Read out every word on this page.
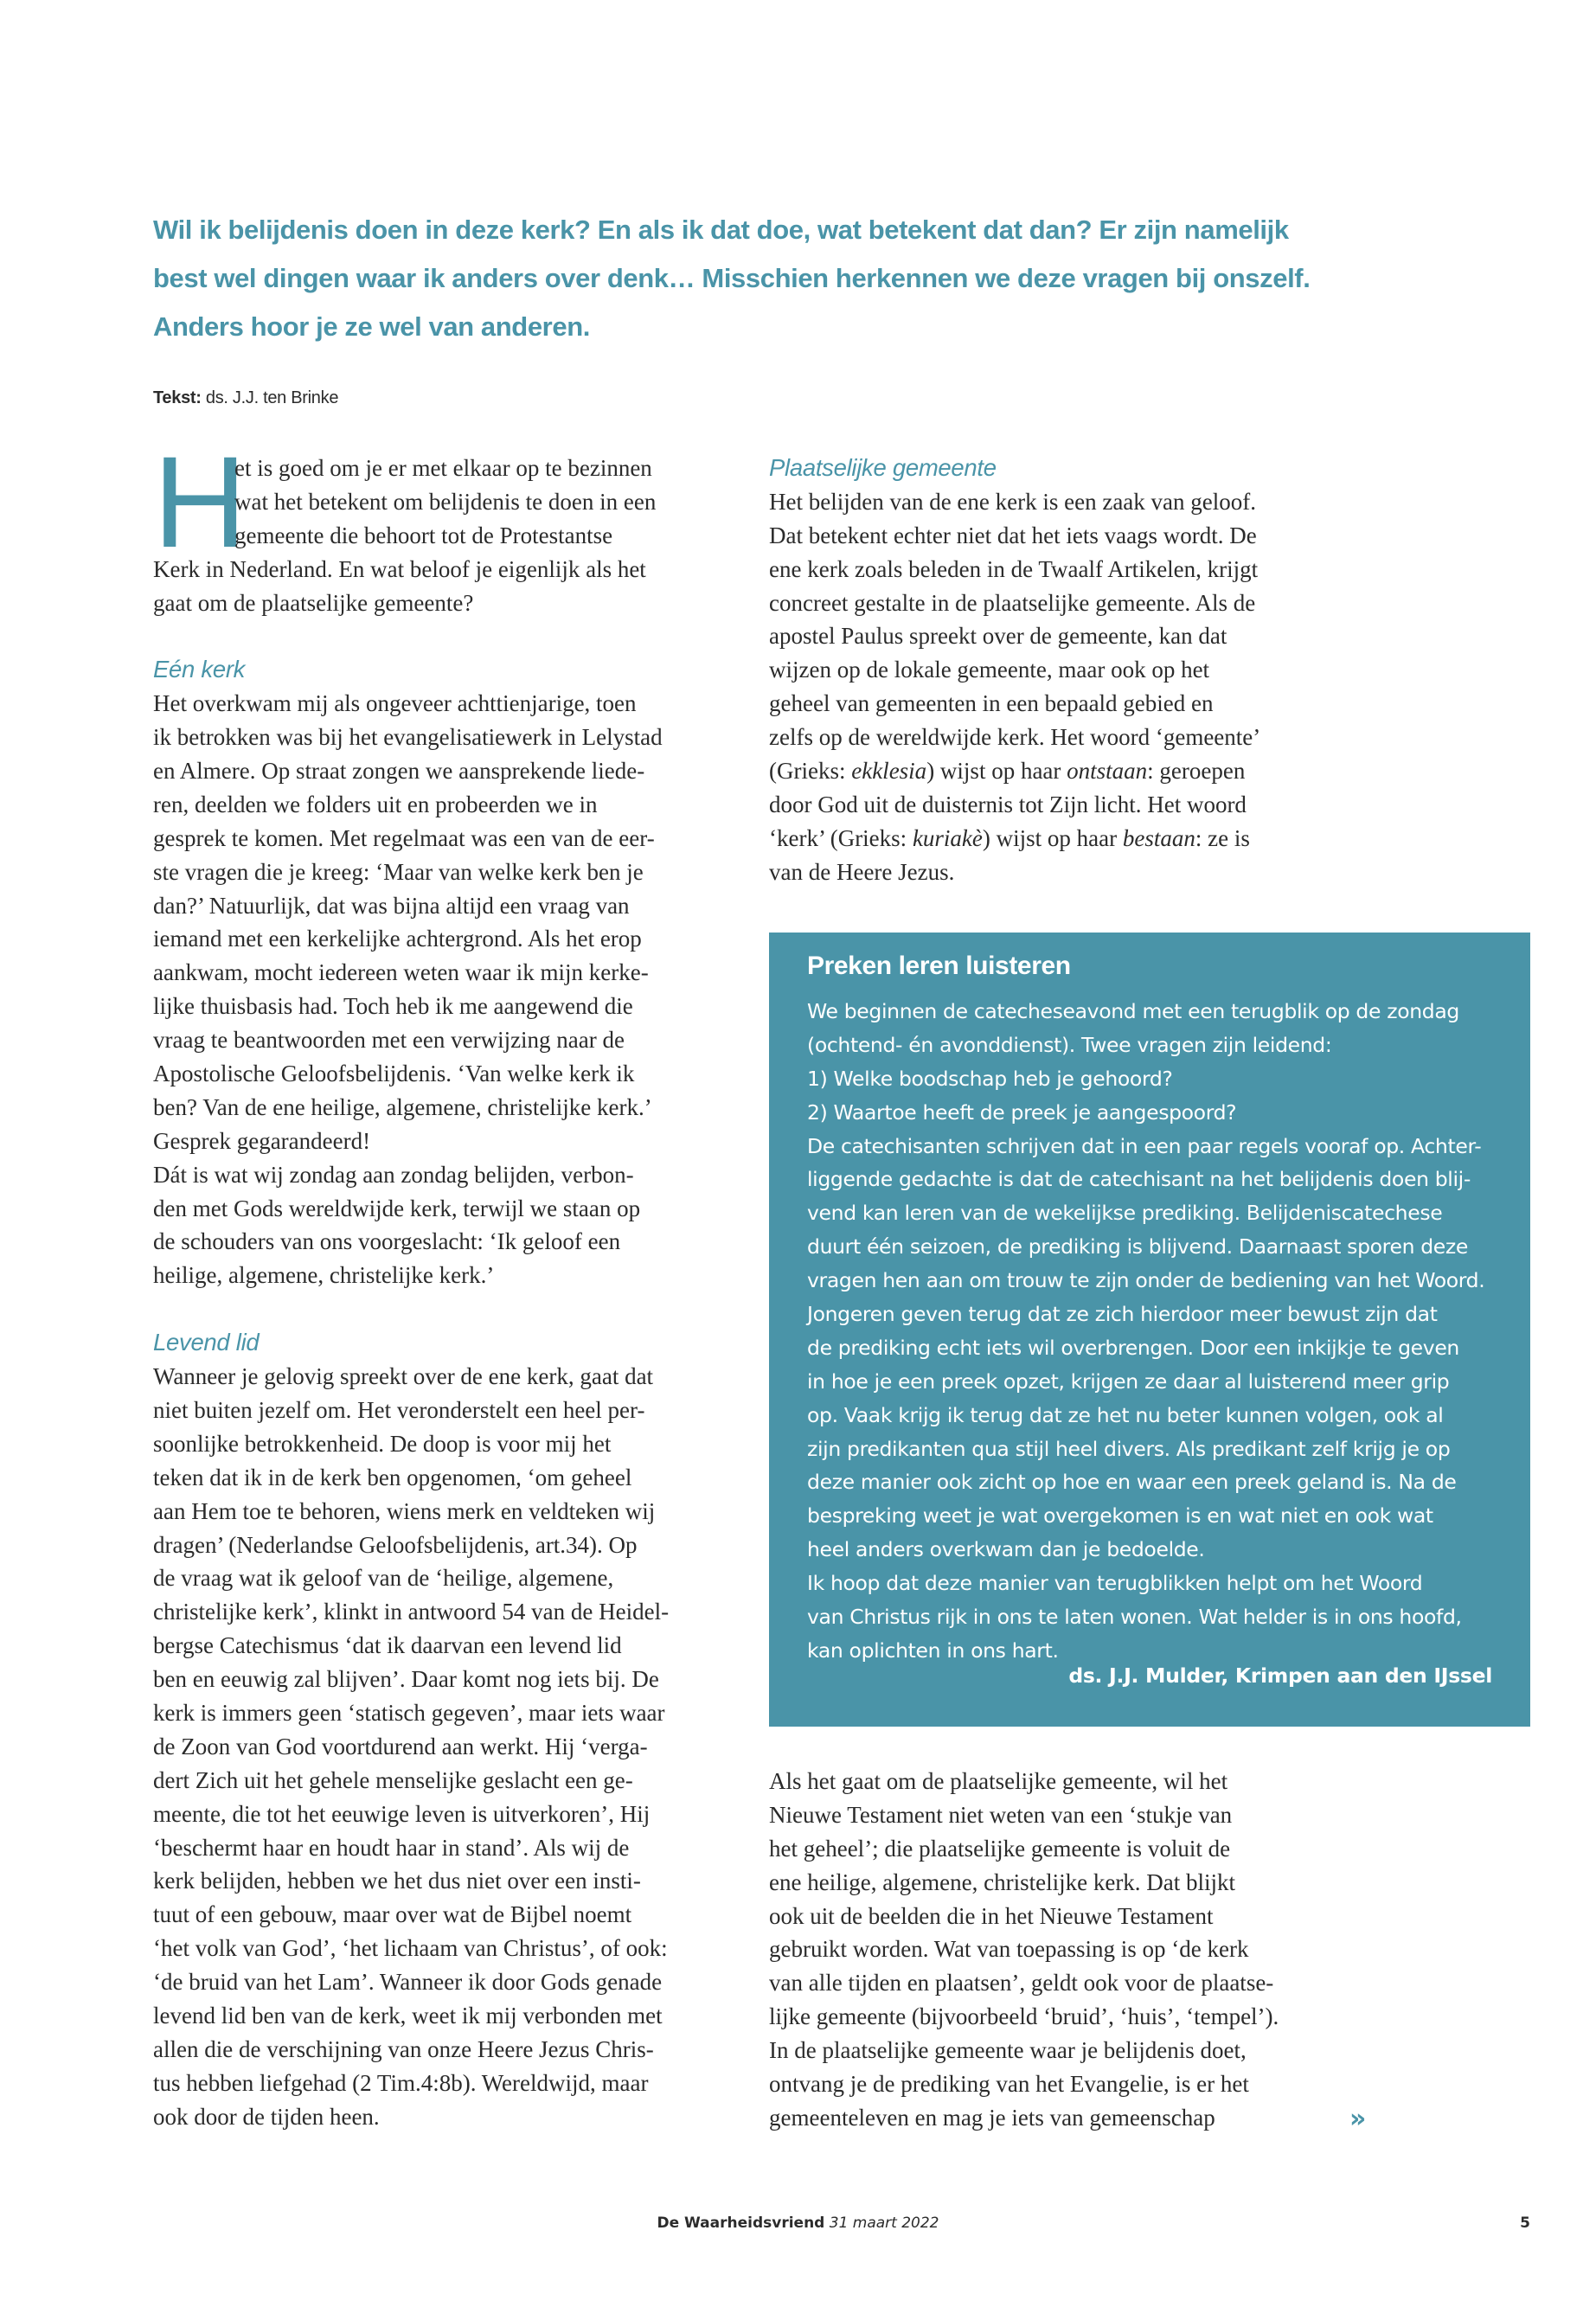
Wil ik belijdenis doen in deze kerk? En als ik dat doe, wat betekent dat dan? Er zijn namelijk
best wel dingen waar ik anders over denk… Misschien herkennen we deze vragen bij onszelf.
Anders hoor je ze wel van anderen.
Tekst: ds. J.J. ten Brinke
H
et is goed om je er met elkaar op te bezinnen
wat het betekent om belijdenis te doen in een
gemeente die behoort tot de Protestantse
Kerk in Nederland. En wat beloof je eigenlijk als het
gaat om de plaatselijke gemeente?
Eén kerk
Het overkwam mij als ongeveer achttienjarige, toen
ik betrokken was bij het evangelisatiewerk in Lelystad
en Almere. Op straat zongen we aansprekende liede-
ren, deelden we folders uit en probeerden we in
gesprek te komen. Met regelmaat was een van de eer-
ste vragen die je kreeg: ‘Maar van welke kerk ben je
dan?’ Natuurlijk, dat was bijna altijd een vraag van
iemand met een kerkelijke achtergrond. Als het erop
aankwam, mocht iedereen weten waar ik mijn kerke-
lijke thuisbasis had. Toch heb ik me aangewend die
vraag te beantwoorden met een verwijzing naar de
Apostolische Geloofsbelijdenis. ‘Van welke kerk ik
ben? Van de ene heilige, algemene, christelijke kerk.’
Gesprek gegarandeerd!
Dát is wat wij zondag aan zondag belijden, verbon-
den met Gods wereldwijde kerk, terwijl we staan op
de schouders van ons voorgeslacht: ‘Ik geloof een
heilige, algemene, christelijke kerk.’
Levend lid
Wanneer je gelovig spreekt over de ene kerk, gaat dat
niet buiten jezelf om. Het veronderstelt een heel per-
soonlijke betrokkenheid. De doop is voor mij het
teken dat ik in de kerk ben opgenomen, ‘om geheel
aan Hem toe te behoren, wiens merk en veldteken wij
dragen’ (Nederlandse Geloofsbelijdenis, art.34). Op
de vraag wat ik geloof van de ‘heilige, algemene,
christelijke kerk’, klinkt in antwoord 54 van de Heidel-
bergse Catechismus ‘dat ik daarvan een levend lid
ben en eeuwig zal blijven’. Daar komt nog iets bij. De
kerk is immers geen ‘statisch gegeven’, maar iets waar
de Zoon van God voortdurend aan werkt. Hij ‘verga-
dert Zich uit het gehele menselijke geslacht een ge-
meente, die tot het eeuwige leven is uitverkoren’, Hij
‘beschermt haar en houdt haar in stand’. Als wij de
kerk belijden, hebben we het dus niet over een insti-
tuut of een gebouw, maar over wat de Bijbel noemt
‘het volk van God’, ‘het lichaam van Christus’, of ook:
‘de bruid van het Lam’. Wanneer ik door Gods genade
levend lid ben van de kerk, weet ik mij verbonden met
allen die de verschijning van onze Heere Jezus Chris-
tus hebben liefgehad (2 Tim.4:8b). Wereldwijd, maar
ook door de tijden heen.
Plaatselijke gemeente
Het belijden van de ene kerk is een zaak van geloof.
Dat betekent echter niet dat het iets vaags wordt. De
ene kerk zoals beleden in de Twaalf Artikelen, krijgt
concreet gestalte in de plaatselijke gemeente. Als de
apostel Paulus spreekt over de gemeente, kan dat
wijzen op de lokale gemeente, maar ook op het
geheel van gemeenten in een bepaald gebied en
zelfs op de wereldwijde kerk. Het woord ‘gemeente’
(Grieks: ekklesia) wijst op haar ontstaan: geroepen
door God uit de duisternis tot Zijn licht. Het woord
‘kerk’ (Grieks: kuriakè) wijst op haar bestaan: ze is
van de Heere Jezus.
Preken leren luisteren
We beginnen de catecheseavond met een terugblik op de zondag
(ochtend- én avonddienst). Twee vragen zijn leidend:
1) Welke boodschap heb je gehoord?
2) Waartoe heeft de preek je aangespoord?
De catechisanten schrijven dat in een paar regels vooraf op. Achter-
liggende gedachte is dat de catechisant na het belijdenis doen blij-
vend kan leren van de wekelijkse prediking. Belijdeniscatechese
duurt één seizoen, de prediking is blijvend. Daarnaast sporen deze
vragen hen aan om trouw te zijn onder de bediening van het Woord.
Jongeren geven terug dat ze zich hierdoor meer bewust zijn dat
de prediking echt iets wil overbrengen. Door een inkijkje te geven
in hoe je een preek opzet, krijgen ze daar al luisterend meer grip
op. Vaak krijg ik terug dat ze het nu beter kunnen volgen, ook al
zijn predikanten qua stijl heel divers. Als predikant zelf krijg je op
deze manier ook zicht op hoe en waar een preek geland is. Na de
bespreking weet je wat overgekomen is en wat niet en ook wat
heel anders overkwam dan je bedoelde.
Ik hoop dat deze manier van terugblikken helpt om het Woord
van Christus rijk in ons te laten wonen. Wat helder is in ons hoofd,
kan oplichten in ons hart.
ds. J.J. Mulder, Krimpen aan den IJssel
Als het gaat om de plaatselijke gemeente, wil het
Nieuwe Testament niet weten van een ‘stukje van
het geheel’; die plaatselijke gemeente is voluit de
ene heilige, algemene, christelijke kerk. Dat blijkt
ook uit de beelden die in het Nieuwe Testament
gebruikt worden. Wat van toepassing is op ‘de kerk
van alle tijden en plaatsen’, geldt ook voor de plaatse-
lijke gemeente (bijvoorbeeld ‘bruid’, ‘huis’, ‘tempel’).
In de plaatselijke gemeente waar je belijdenis doet,
ontvang je de prediking van het Evangelie, is er het
gemeenteleven en mag je iets van gemeenschap	»
De Waarheidsvriend 31 maart 2022	5
